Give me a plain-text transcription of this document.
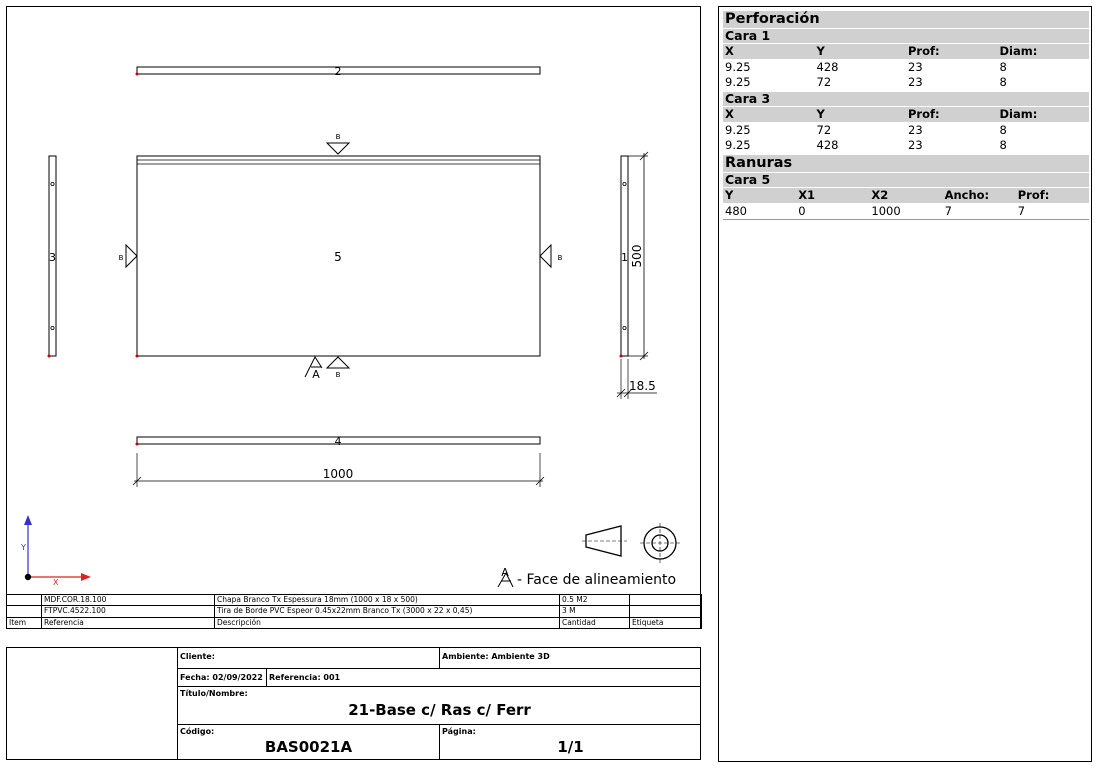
2
5
B
B	B
B
A
3	1 500
18.5
4
1000
Y
X
A - Face de alineamiento
	MDF.COR.18.100	Chapa Branco Tx Espessura 18mm (1000 x 18 x 500)	0.5 M2	
	FTPVC.4522.100	Tira de Borde PVC Espeor 0.45x22mm Branco Tx (3000 x 22 x 0,45)	3 M	
Item	Referencia	Descripción	Cantidad	Etiqueta
Cliente:	Ambiente: Ambiente 3D
Fecha: 02/09/2022 Referencia: 001
Título/Nombre:
21-Base c/ Ras c/ Ferr
Código:
BAS0021A
Página:
1/1
Perforación
Cara 1
X	Y	Prof:	Diam:
9.25	428	23	8
9.25	72	23	8
Cara 3
X	Y	Prof:	Diam:
9.25	72	23	8
9.25	428	23	8
Ranuras
Cara 5
Y	X1	X2	Ancho:	Prof:
480	0	1000	7	7
